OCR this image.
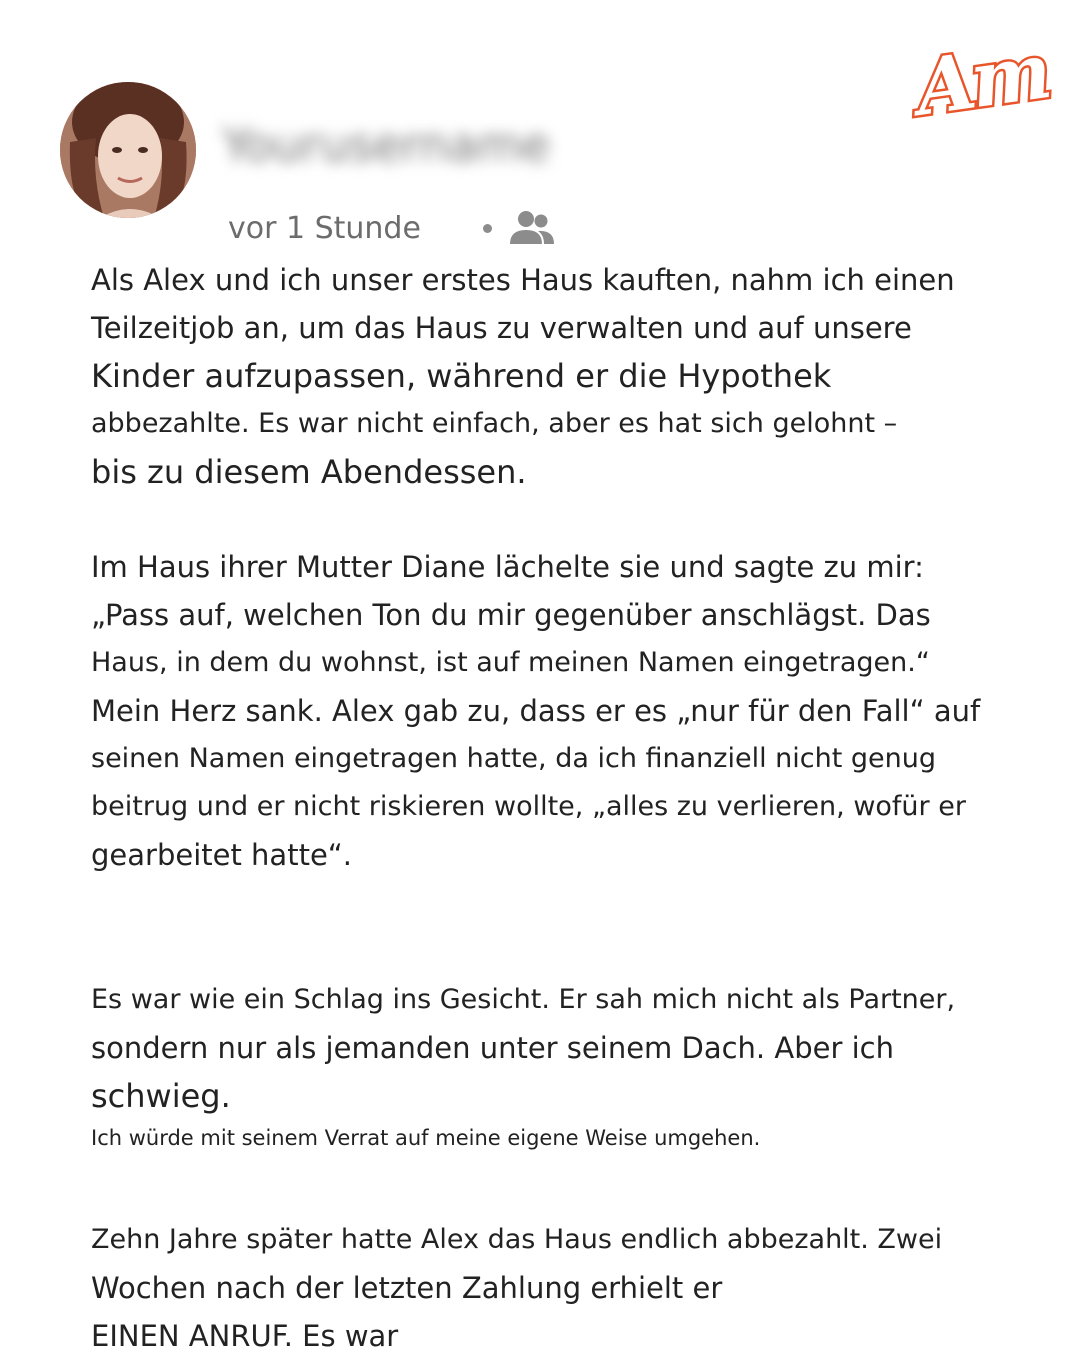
Yourusername
vor 1 Stunde
Am
Als Alex und ich unser erstes Haus kauften, nahm ich einen
Teilzeitjob an, um das Haus zu verwalten und auf unsere
Kinder aufzupassen, während er die Hypothek
abbezahlte. Es war nicht einfach, aber es hat sich gelohnt –
bis zu diesem Abendessen.
Im Haus ihrer Mutter Diane lächelte sie und sagte zu mir:
„Pass auf, welchen Ton du mir gegenüber anschlägst. Das
Haus, in dem du wohnst, ist auf meinen Namen eingetragen.“
Mein Herz sank. Alex gab zu, dass er es „nur für den Fall“ auf
seinen Namen eingetragen hatte, da ich finanziell nicht genug
beitrug und er nicht riskieren wollte, „alles zu verlieren, wofür er
gearbeitet hatte“.
Es war wie ein Schlag ins Gesicht. Er sah mich nicht als Partner,
sondern nur als jemanden unter seinem Dach. Aber ich
schwieg.
Ich würde mit seinem Verrat auf meine eigene Weise umgehen.
Zehn Jahre später hatte Alex das Haus endlich abbezahlt. Zwei
Wochen nach der letzten Zahlung erhielt er
EINEN ANRUF. Es war
